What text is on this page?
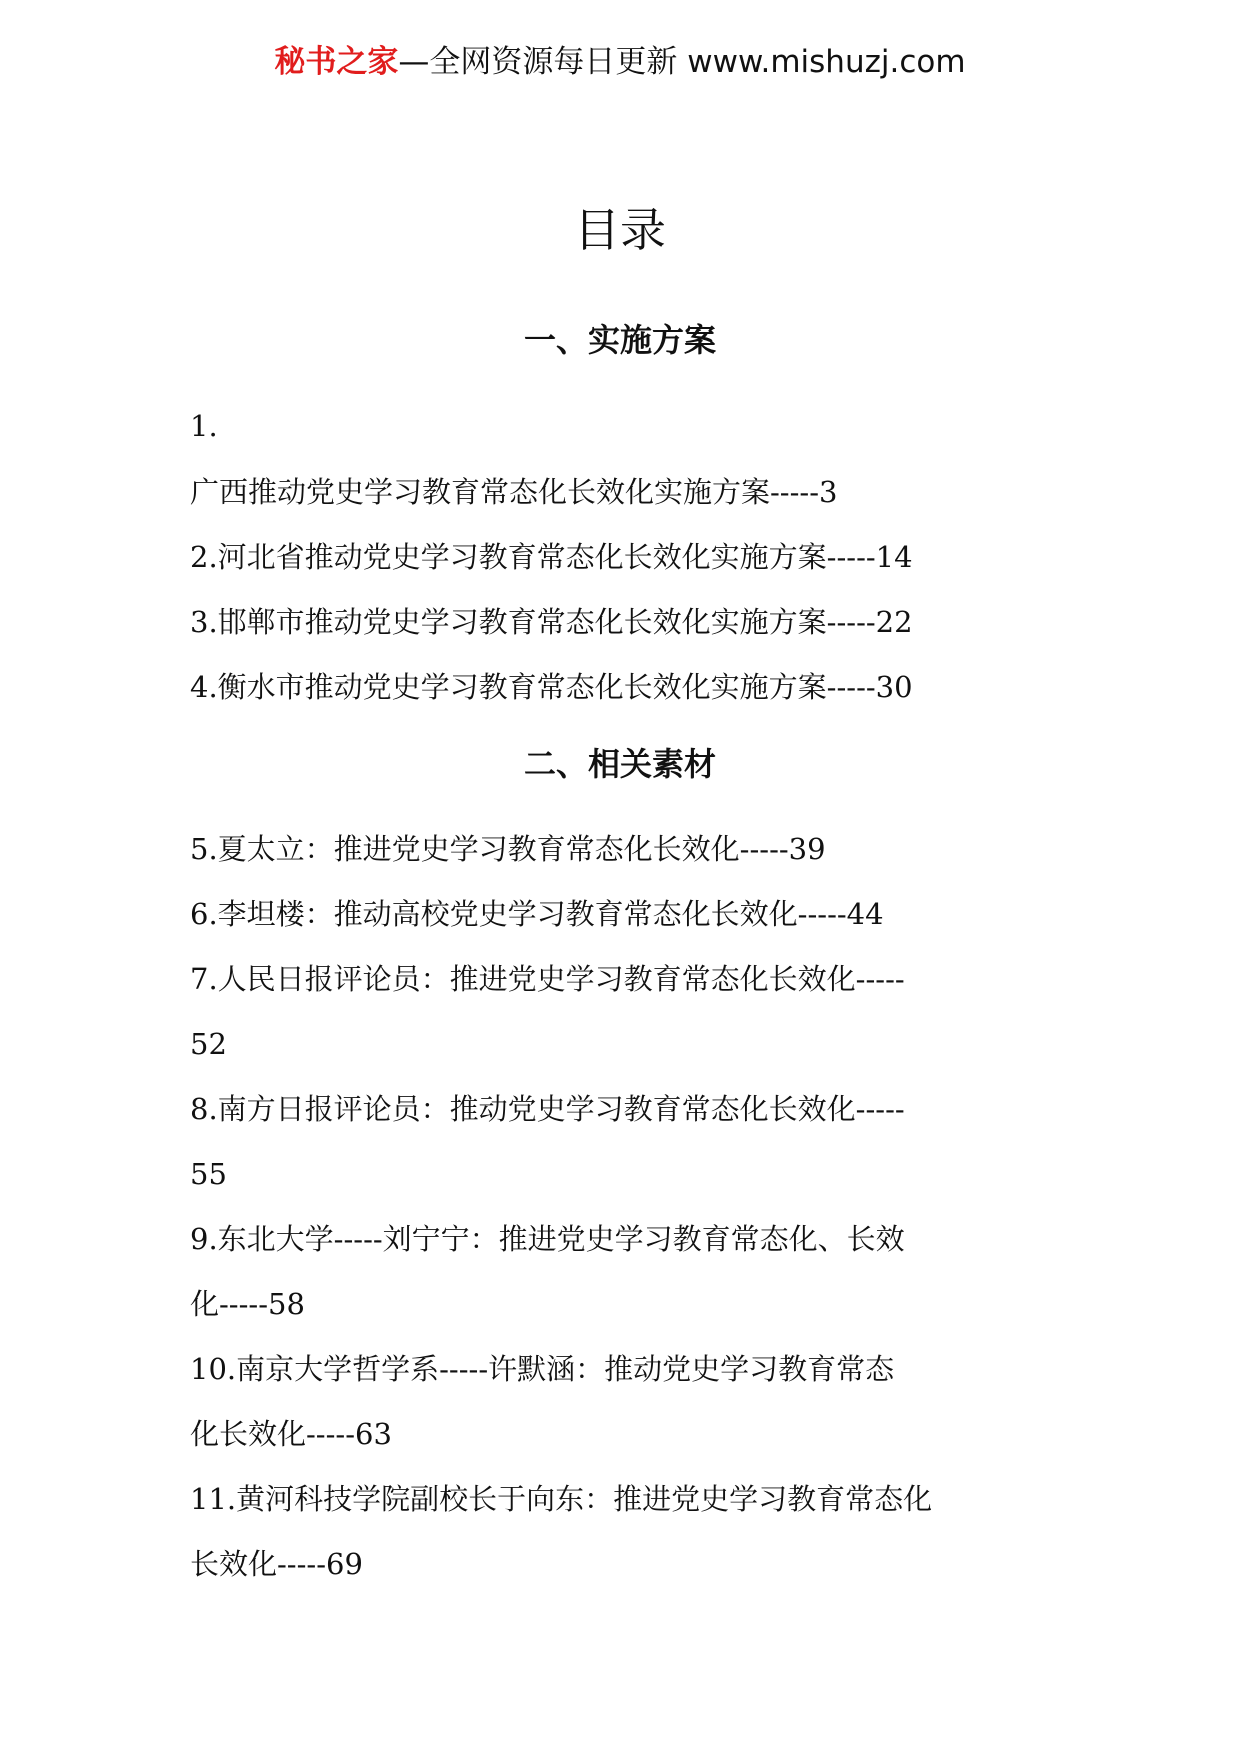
秘书之家—全网资源每日更新 www.mishuzj.com
目录
一、实施方案
1.
广西推动党史学习教育常态化长效化实施方案-----3
2.河北省推动党史学习教育常态化长效化实施方案-----14
3.邯郸市推动党史学习教育常态化长效化实施方案-----22
4.衡水市推动党史学习教育常态化长效化实施方案-----30
二、相关素材
5.夏太立：推进党史学习教育常态化长效化-----39
6.李坦楼：推动高校党史学习教育常态化长效化-----44
7.人民日报评论员：推进党史学习教育常态化长效化-----
52
8.南方日报评论员：推动党史学习教育常态化长效化-----
55
9.东北大学-----刘宁宁：推进党史学习教育常态化、长效
化-----58
10.南京大学哲学系-----许默涵：推动党史学习教育常态
化长效化-----63
11.黄河科技学院副校长于向东：推进党史学习教育常态化
长效化-----69
